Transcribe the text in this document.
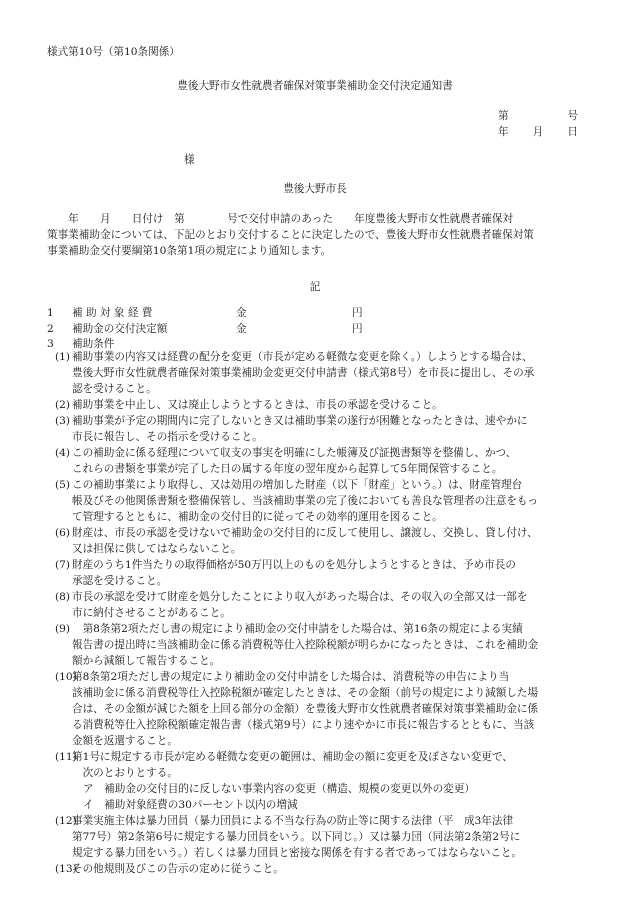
様式第10号（第10条関係）
豊後大野市女性就農者確保対策事業補助金交付決定通知書
第	号
年 月 日
様
豊後大野市長
　　年　　月　　日付け　第　　　　号で交付申請のあった　　年度豊後大野市女性就農者確保対
策事業補助金については、下記のとおり交付することに決定したので、豊後大野市女性就農者確保対策
事業補助金交付要綱第10条第1項の規定により通知します。
記
1 補 助 対 象 経 費	金	円
2 補助金の交付決定額	金	円
3 補助条件
(1) 補助事業の内容又は経費の配分を変更（市長が定める軽微な変更を除く。）しようとする場合は、
豊後大野市女性就農者確保対策事業補助金変更交付申請書（様式第8号）を市長に提出し、その承
認を受けること。
(2) 補助事業を中止し、又は廃止しようとするときは、市長の承認を受けること。
(3) 補助事業が予定の期間内に完了しないとき又は補助事業の遂行が困難となったときは、速やかに
市長に報告し、その指示を受けること。
(4) この補助金に係る経理について収支の事実を明確にした帳簿及び証拠書類等を整備し、かつ、
これらの書類を事業が完了した日の属する年度の翌年度から起算して5年間保管すること。
(5) この補助事業により取得し、又は効用の増加した財産（以下「財産」という。）は、財産管理台
帳及びその他関係書類を整備保管し、当該補助事業の完了後においても善良な管理者の注意をもっ
て管理するとともに、補助金の交付目的に従ってその効率的運用を図ること。
(6) 財産は、市長の承認を受けないで補助金の交付目的に反して使用し、譲渡し、交換し、貸し付け、
又は担保に供してはならないこと。
(7) 財産のうち1件当たりの取得価格が50万円以上のものを処分しようとするときは、予め市長の
承認を受けること。
(8) 市長の承認を受けて財産を処分したことにより収入があった場合は、その収入の全部又は一部を
市に納付させることがあること。
(9) 　第8条第2項ただし書の規定により補助金の交付申請をした場合は、第16条の規定による実績
報告書の提出時に当該補助金に係る消費税等仕入控除税額が明らかになったときは、これを補助金
額から減額して報告すること。
(10)
第8条第2項ただし書の規定により補助金の交付申請をした場合は、消費税等の申告により当
該補助金に係る消費税等仕入控除税額が確定したときは、その金額（前号の規定により減額した場
合は、その金額が減じた額を上回る部分の金額）を豊後大野市女性就農者確保対策事業補助金に係
る消費税等仕入控除税額確定報告書（様式第9号）により速やかに市長に報告するとともに、当該
金額を返還すること。
(11)
第1号に規定する市長が定める軽微な変更の範囲は、補助金の額に変更を及ぼさない変更で、
　次のとおりとする。
ア　補助金の交付目的に反しない事業内容の変更（構造、規模の変更以外の変更）
イ　補助対象経費の30パーセント以内の増減
(12)
事業実施主体は暴力団員（暴力団員による不当な行為の防止等に関する法律（平　成3年法律
第77号）第2条第6号に規定する暴力団員をいう。以下同じ。）又は暴力団（同法第2条第2号に
規定する暴力団をいう。）若しくは暴力団員と密接な関係を有する者であってはならないこと。
(13)
その他規則及びこの告示の定めに従うこと。
